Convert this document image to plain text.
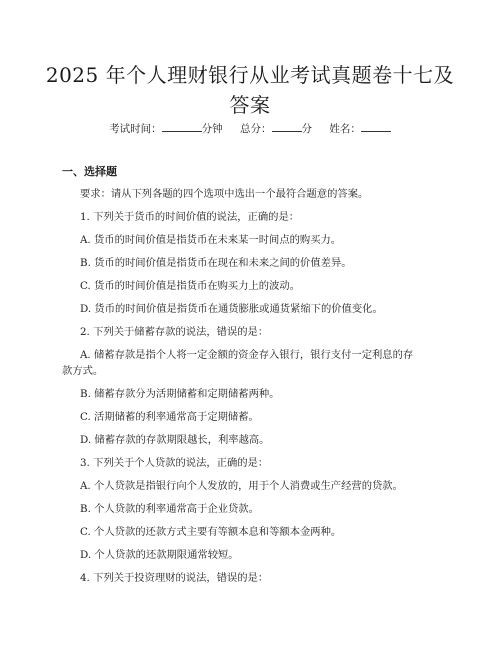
2025 年个人理财银行从业考试真题卷十七及
答案
考试时间：	分钟 总分：	分 姓名：
一、选择题
要求：请从下列各题的四个选项中选出一个最符合题意的答案。
1. 下列关于货币的时间价值的说法，正确的是：
A. 货币的时间价值是指货币在未来某一时间点的购买力。
B. 货币的时间价值是指货币在现在和未来之间的价值差异。
C. 货币的时间价值是指货币在购买力上的波动。
D. 货币的时间价值是指货币在通货膨胀或通货紧缩下的价值变化。
2. 下列关于储蓄存款的说法，错误的是：
A. 储蓄存款是指个人将一定金额的资金存入银行，银行支付一定利息的存款方式。
B. 储蓄存款分为活期储蓄和定期储蓄两种。
C. 活期储蓄的利率通常高于定期储蓄。
D. 储蓄存款的存款期限越长，利率越高。
3. 下列关于个人贷款的说法，正确的是：
A. 个人贷款是指银行向个人发放的，用于个人消费或生产经营的贷款。
B. 个人贷款的利率通常高于企业贷款。
C. 个人贷款的还款方式主要有等额本息和等额本金两种。
D. 个人贷款的还款期限通常较短。
4. 下列关于投资理财的说法，错误的是：
